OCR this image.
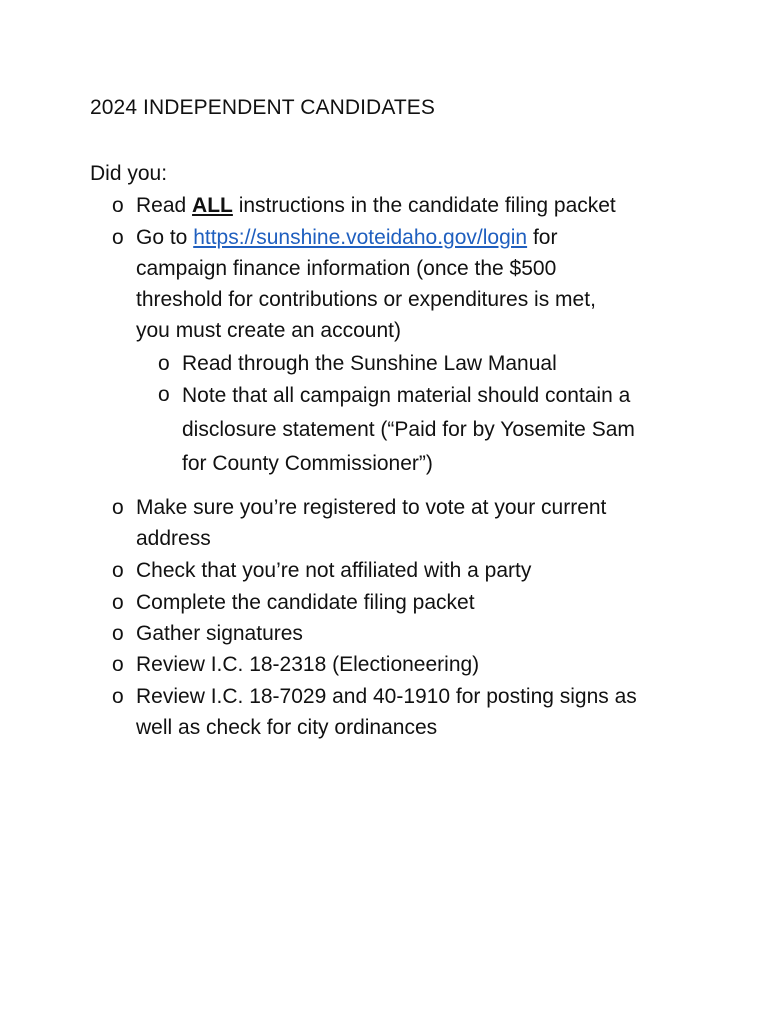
2024 INDEPENDENT CANDIDATES
Did you:
o Read ALL instructions in the candidate filing packet
o Go to https://sunshine.voteidaho.gov/login for
campaign finance information (once the $500
threshold for contributions or expenditures is met,
you must create an account)
o Read through the Sunshine Law Manual
o Note that all campaign material should contain a
disclosure statement (“Paid for by Yosemite Sam
for County Commissioner”)
o Make sure you’re registered to vote at your current
address
o Check that you’re not affiliated with a party
o Complete the candidate filing packet
o Gather signatures
o Review I.C. 18-2318 (Electioneering)
o Review I.C. 18-7029 and 40-1910 for posting signs as
well as check for city ordinances
